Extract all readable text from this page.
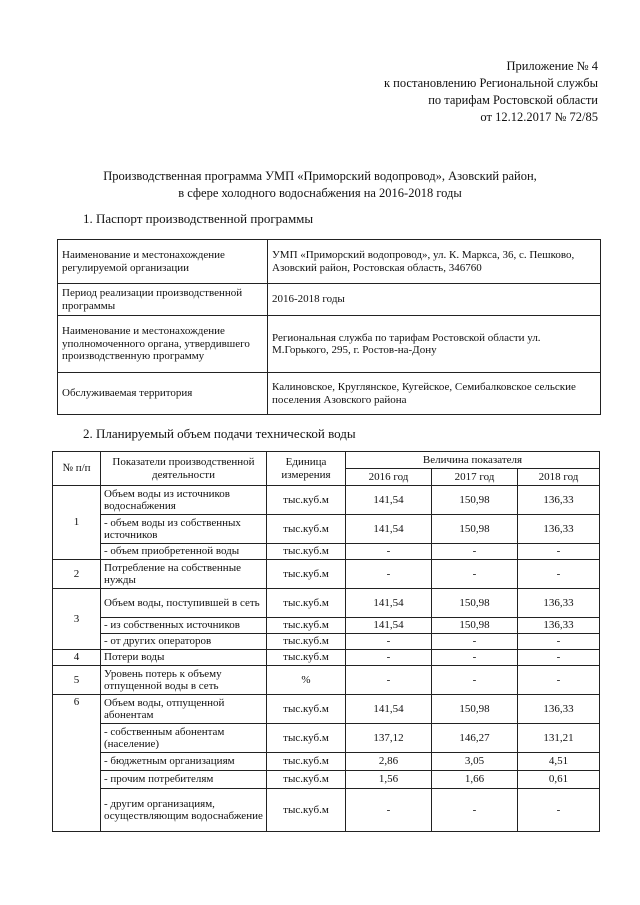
Приложение № 4
к постановлению Региональной службы
по тарифам Ростовской области
от 12.12.2017 № 72/85
Производственная программа УМП «Приморский водопровод», Азовский район,
в сфере холодного водоснабжения на 2016-2018 годы
1. Паспорт производственной программы
Наименование и местонахождение регулируемой организации	УМП «Приморский водопровод», ул. К. Маркса, 36, с. Пешково, Азовский район, Ростовская область, 346760
Период реализации производственной программы	2016-2018 годы
Наименование и местонахождение уполномоченного органа, утвердившего производственную программу	Региональная служба по тарифам Ростовской области ул. М.Горького, 295, г. Ростов-на-Дону
Обслуживаемая территория	Калиновское, Круглянское, Кугейское, Семибалковское сельские поселения Азовского района
2. Планируемый объем подачи технической воды
№ п/п	Показатели производственной деятельности	Единица измерения	Величина показателя		
			2016 год	2017 год	2018 год
1	Объем воды из источников водоснабжения	тыс.куб.м	141,54	150,98	136,33
	- объем воды из собственных источников	тыс.куб.м	141,54	150,98	136,33
	- объем приобретенной воды	тыс.куб.м	-	-	-
2	Потребление на собственные нужды	тыс.куб.м	-	-	-
3	Объем воды, поступившей в сеть	тыс.куб.м	141,54	150,98	136,33
	- из собственных источников	тыс.куб.м	141,54	150,98	136,33
	- от других операторов	тыс.куб.м	-	-	-
4	Потери воды	тыс.куб.м	-	-	-
5	Уровень потерь к объему отпущенной воды в сеть	%	-	-	-
6	Объем воды, отпущенной абонентам	тыс.куб.м	141,54	150,98	136,33
	- собственным абонентам (население)	тыс.куб.м	137,12	146,27	131,21
	- бюджетным организациям	тыс.куб.м	2,86	3,05	4,51
	- прочим потребителям	тыс.куб.м	1,56	1,66	0,61
	- другим организациям, осуществляющим водоснабжение	тыс.куб.м	-	-	-
